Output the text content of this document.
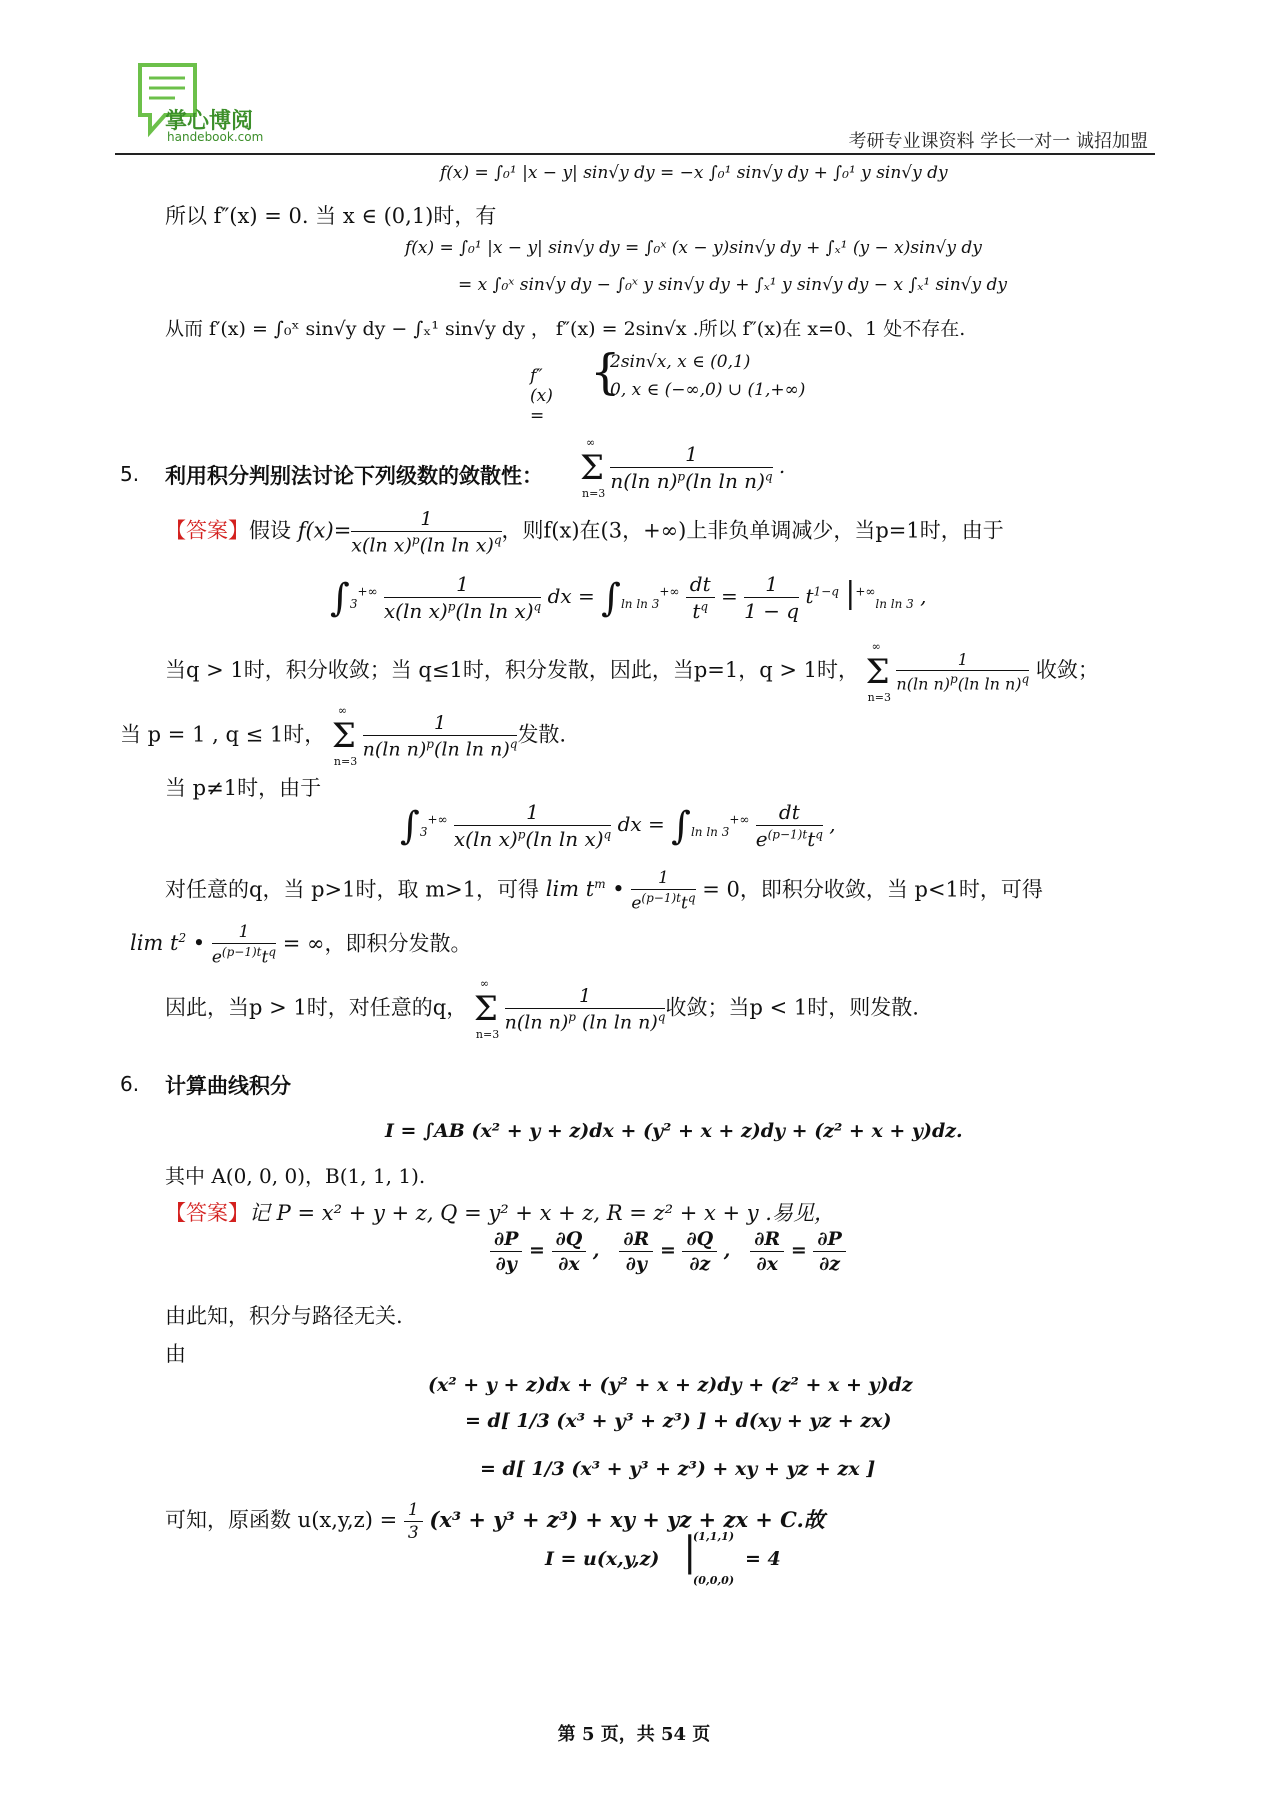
掌心博阅
handebook.com	考研专业课资料 学长一对一 诚招加盟
f(x) = ∫₀¹ |x − y| sin√y dy = −x ∫₀¹ sin√y dy + ∫₀¹ y sin√y dy
所以 f″(x) = 0. 当 x ∈ (0,1)时，有
f(x) = ∫₀¹ |x − y| sin√y dy = ∫₀ˣ (x − y)sin√y dy + ∫ₓ¹ (y − x)sin√y dy
= x ∫₀ˣ sin√y dy − ∫₀ˣ y sin√y dy + ∫ₓ¹ y sin√y dy − x ∫ₓ¹ sin√y dy
从而 f′(x) = ∫₀ˣ sin√y dy − ∫ₓ¹ sin√y dy ， f″(x) = 2sin√x .所以 f″(x)在 x=0、1 处不存在.
f″(x) =
{
2sin√x, x ∈ (0,1)
0, x ∈ (−∞,0) ∪ (1,+∞)
5. 利用积分判别法讨论下列级数的敛散性： Σ
∞
n=3
$\frac{1}{n(\ln n)^p(\ln \ln n)^q}$ .
【答案】假设 $f(x)= \frac{1}{x(\ln x)^p(\ln \ln x)^q}$ ，则f(x)在(3，+∞)上非负单调减少，当p=1时，由于
$\int_3^{+\infty} \frac{1}{x(\ln x)^p(\ln \ln x)^q}$ dx = $\int_{ln ln 3}^{+\infty} \frac{dt}{t^q} = \frac{1}{1 - q} t^{1-q}$ $|^{+\infty}_{ln ln 3}$ ,
当q > 1时，积分收敛；当 q≤1时，积分发散，因此，当p=1，q > 1时， Σ
∞
n=3

$\frac{1}{n(\ln n)^p(\ln \ln n)^q}$ 收敛；
当 p = 1 , q ≤ 1时， Σ
∞
n=3

$\frac{1}{n(\ln n)^p(\ln \ln n)^q}$ 发散.
当 p≠1时，由于
$\int_3^{+\infty} \frac{1}{x(\ln x)^p(\ln \ln x)^q}$ dx = $\int_{ln ln 3}^{+\infty} \frac{dt}{e^{(p-1)t}t^q}$ ,
对任意的q，当 p>1时，取 m>1，可得 $\lim t^m$ • $\frac{1}{e^{(p-1)t}t^q} = 0$，即积分收敛，当 p<1时，可得
$\lim t^2$ • $\frac{1}{e^{(p-1)t}t^q}$ = ∞，即积分发散。
因此，当p > 1时，对任意的q， Σ
∞
n=3

$\frac{1}{n(\ln n)^p (\ln \ln n)^q}$ 收敛；当p < 1时，则发散.
6. 计算曲线积分
I = ∫AB (x² + y + z)dx + (y² + x + z)dy + (z² + x + y)dz.
其中 A(0, 0, 0)，B(1, 1, 1).
【答案】记 P = x² + y + z, Q = y² + x + z, R = z² + x + y .易见，
$\frac{\partial P}{\partial y} = \frac{\partial Q}{\partial x}$ , $\frac{\partial R}{\partial y} = \frac{\partial Q}{\partial z}$ , $\frac{\partial R}{\partial x} = \frac{\partial P}{\partial z}$
由此知，积分与路径无关.
由
(x² + y + z)dx + (y² + x + z)dy + (z² + x + y)dz
= d[ 1/3 (x³ + y³ + z³) ] + d(xy + yz + zx)
= d[ 1/3 (x³ + y³ + z³) + xy + yz + zx ]
可知，原函数 $u(x,y,z) = \frac{1}{3} (x^3 + y^3 + z^3)$ + xy + yz + zx + C.故
I = u(x,y,z) |
(1,1,1)
(0,0,0)
= 4
第 5 页，共 54 页
